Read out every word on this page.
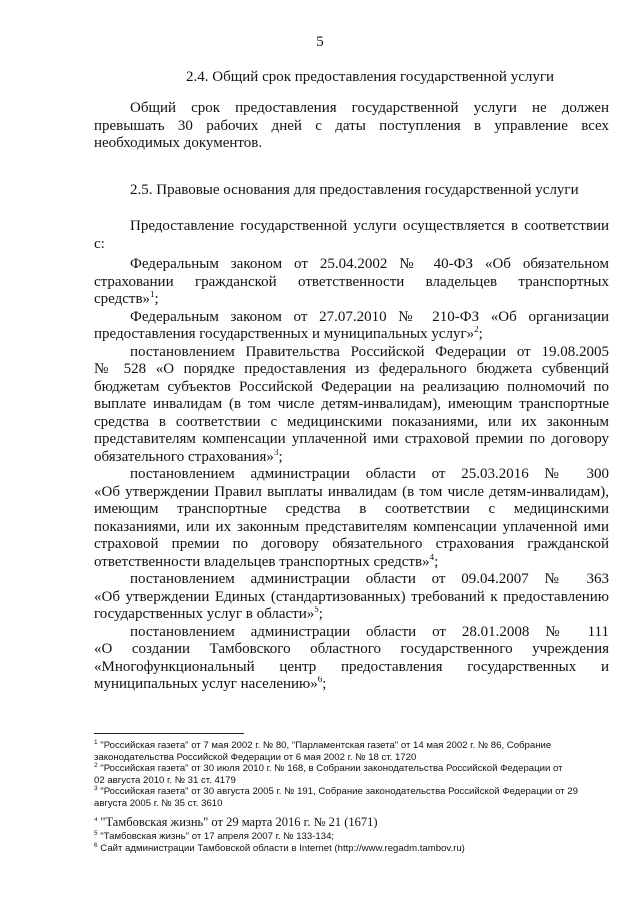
5
2.4. Общий срок предоставления государственной услуги
Общий срок предоставления государственной услуги не должен
превышать 30 рабочих дней с даты поступления в управление всех
необходимых документов.
2.5. Правовые основания для предоставления государственной услуги
Предоставление государственной услуги осуществляется в соответствии
с:
Федеральным законом от 25.04.2002 № 40-ФЗ «Об обязательном
страховании гражданской ответственности владельцев транспортных
средств»$^1$;
Федеральным законом от 27.07.2010 № 210-ФЗ «Об организации
предоставления государственных и муниципальных услуг»$^2$;
постановлением Правительства Российской Федерации от 19.08.2005
№ 528 «О порядке предоставления из федерального бюджета субвенций
бюджетам субъектов Российской Федерации на реализацию полномочий по
выплате инвалидам (в том числе детям-инвалидам), имеющим транспортные
средства в соответствии с медицинскими показаниями, или их законным
представителям компенсации уплаченной ими страховой премии по договору
обязательного страхования»$^3$;
постановлением администрации области от 25.03.2016 № 300
«Об утверждении Правил выплаты инвалидам (в том числе детям-инвалидам),
имеющим транспортные средства в соответствии с медицинскими
показаниями, или их законным представителям компенсации уплаченной ими
страховой премии по договору обязательного страхования гражданской
ответственности владельцев транспортных средств»$^4$;
постановлением администрации области от 09.04.2007 № 363
«Об утверждении Единых (стандартизованных) требований к предоставлению
государственных услуг в области»$^5$;
постановлением администрации области от 28.01.2008 № 111
«О создании Тамбовского областного государственного учреждения
«Многофункциональный центр предоставления государственных и
муниципальных услуг населению»$^6$;
$^1$ "Российская газета" от 7 мая 2002 г. № 80, "Парламентская газета" от 14 мая 2002 г. № 86, Собрание
законодательства Российской Федерации от 6 мая 2002 г. № 18 ст. 1720
$^2$ "Российская газета" от 30 июля 2010 г. № 168, в Собрании законодательства Российской Федерации от
02 августа 2010 г. № 31 ст. 4179
$^3$ "Российская газета" от 30 августа 2005 г. № 191, Собрание законодательства Российской Федерации от 29
августа 2005 г. № 35 ст. 3610
$^4$ "Тамбовская жизнь" от 29 марта 2016 г. № 21 (1671)
$^5$ "Тамбовская жизнь" от 17 апреля 2007 г. № 133-134;
$^6$ Сайт администрации Тамбовской области в Internet (http://www.regadm.tambov.ru)
